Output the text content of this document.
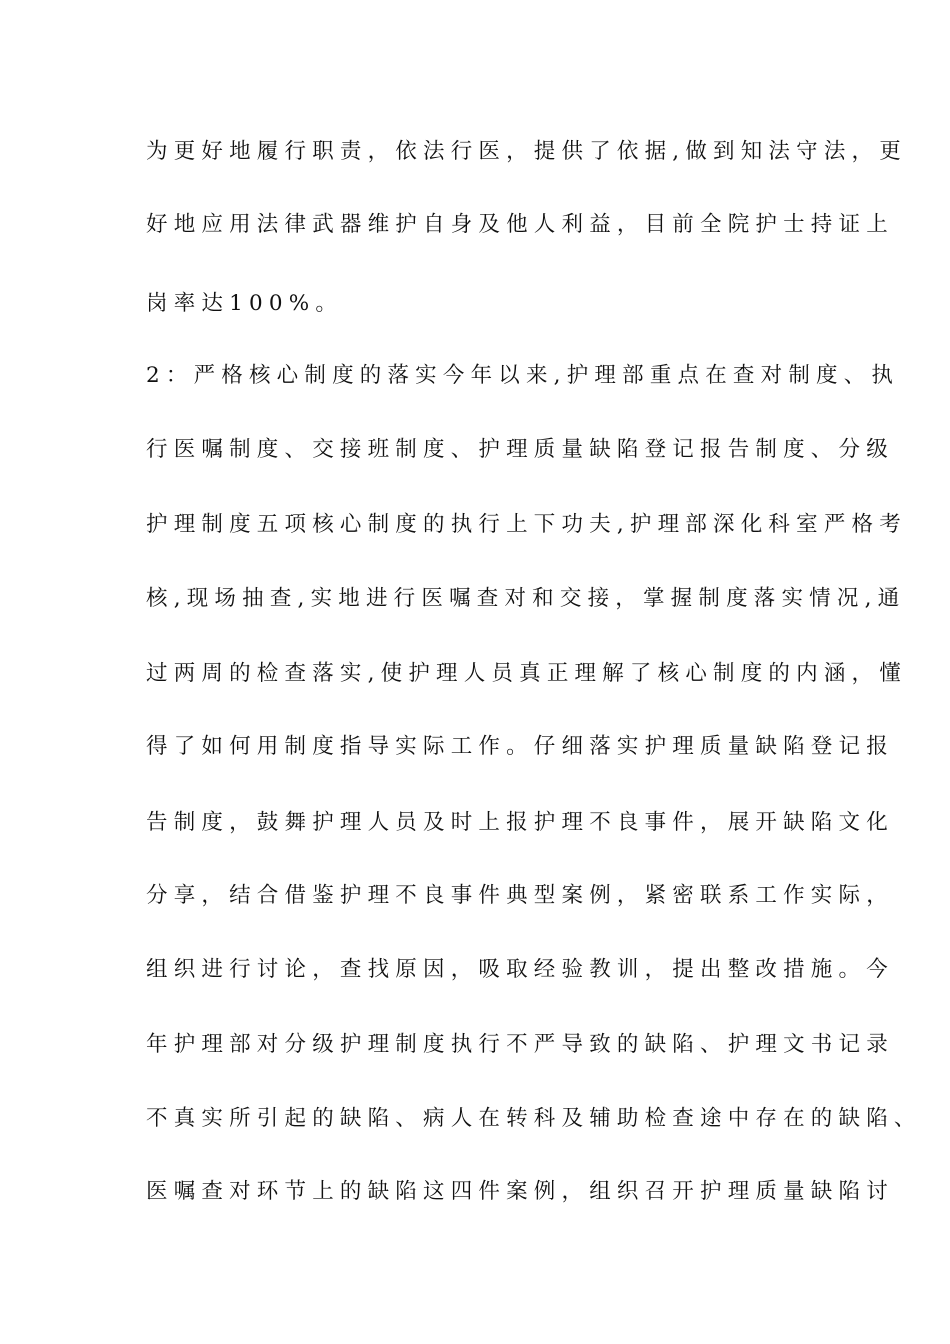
为更好地履行职责，依法行医，提供了依据,做到知法守法，更
好地应用法律武器维护自身及他人利益，目前全院护士持证上
岗率达100%。
2：严格核心制度的落实今年以来,护理部重点在查对制度、执
行医嘱制度、交接班制度、护理质量缺陷登记报告制度、分级
护理制度五项核心制度的执行上下功夫,护理部深化科室严格考
核,现场抽查,实地进行医嘱查对和交接，掌握制度落实情况,通
过两周的检查落实,使护理人员真正理解了核心制度的内涵，懂
得了如何用制度指导实际工作。仔细落实护理质量缺陷登记报
告制度，鼓舞护理人员及时上报护理不良事件，展开缺陷文化
分享，结合借鉴护理不良事件典型案例，紧密联系工作实际，
组织进行讨论，查找原因，吸取经验教训，提出整改措施。今
年护理部对分级护理制度执行不严导致的缺陷、护理文书记录
不真实所引起的缺陷、病人在转科及辅助检查途中存在的缺陷、
医嘱查对环节上的缺陷这四件案例，组织召开护理质量缺陷讨
